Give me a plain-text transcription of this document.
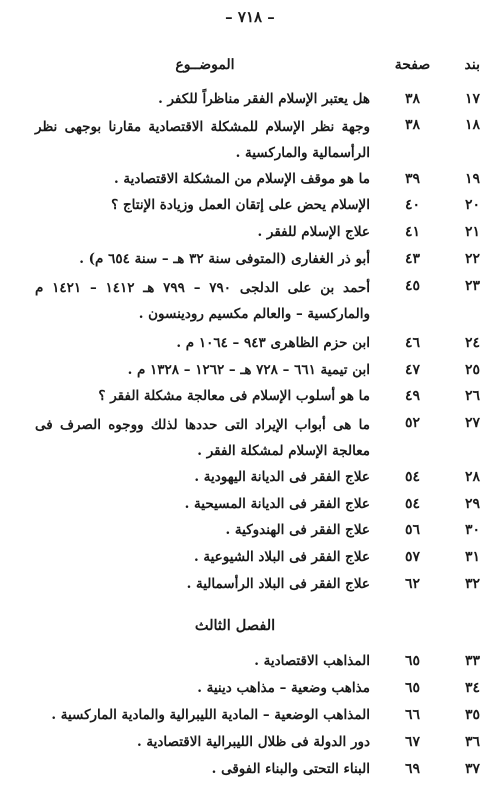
– ٧١٨ –
بند
صفحة
الموضــوع
١٧
٣٨
هل يعتبر الإسلام الفقر مناظراً للكفر .
١٨
٣٨
وجهة نظر الإسلام للمشكلة الاقتصادية مقارنا بوجهى نظر الرأسمالية والماركسية .
١٩
٣٩
ما هو موقف الإسلام من المشكلة الاقتصادية .
٢٠
٤٠
الإسلام يحض على إتقان العمل وزيادة الإنتاج ؟
٢١
٤١
علاج الإسلام للفقر .
٢٢
٤٣
أبو ذر الغفارى (المتوفى سنة ٣٢ هـ – سنة ٦٥٤ م) .
٢٣
٤٥
أحمد بن على الدلجى ٧٩٠ – ٧٩٩ هـ ١٤١٢ – ١٤٢١ م والماركسية – والعالم مكسيم رودينسون .
٢٤
٤٦
ابن حزم الظاهرى ٩٤٣ – ١٠٦٤ م .
٢٥
٤٧
ابن تيمية ٦٦١ – ٧٢٨ هـ – ١٢٦٢ – ١٣٢٨ م .
٢٦
٤٩
ما هو أسلوب الإسلام فى معالجة مشكلة الفقر ؟
٢٧
٥٢
ما هى أبواب الإيراد التى حددها لذلك ووجوه الصرف فى معالجة الإسلام لمشكلة الفقر .
٢٨
٥٤
علاج الفقر فى الديانة اليهودية .
٢٩
٥٤
علاج الفقر فى الديانة المسيحية .
٣٠
٥٦
علاج الفقر فى الهندوكية .
٣١
٥٧
علاج الفقر فى البلاد الشيوعية .
٣٢
٦٢
علاج الفقر فى البلاد الرأسمالية .
الفصل الثالث
٣٣
٦٥
المذاهب الاقتصادية .
٣٤
٦٥
مذاهب وضعية – مذاهب دينية .
٣٥
٦٦
المذاهب الوضعية – المادية الليبرالية والمادية الماركسية .
٣٦
٦٧
دور الدولة فى ظلال الليبرالية الاقتصادية .
٣٧
٦٩
البناء التحتى والبناء الفوقى .
